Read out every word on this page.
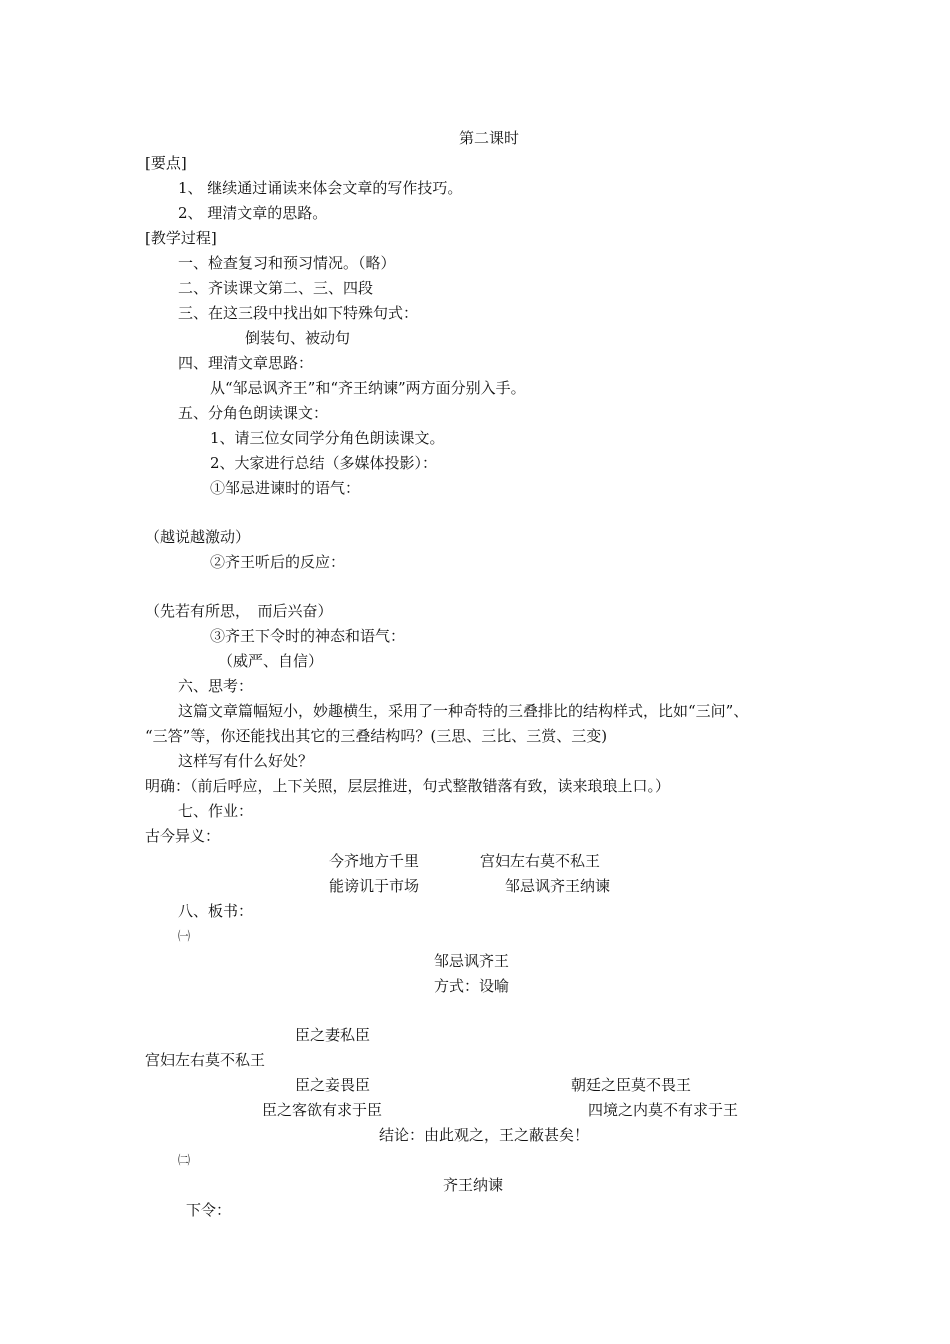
第二课时
[要点]
1、 继续通过诵读来体会文章的写作技巧。
2、 理清文章的思路。
[教学过程]
一、检查复习和预习情况。（略）
二、齐读课文第二、三、四段
三、在这三段中找出如下特殊句式：
倒装句、被动句
四、理清文章思路：
从“邹忌讽齐王”和“齐王纳谏”两方面分别入手。
五、分角色朗读课文：
1、请三位女同学分角色朗读课文。
2、大家进行总结（多媒体投影）：
①邹忌进谏时的语气：
（越说越激动）
②齐王听后的反应：
（先若有所思，　而后兴奋）
③齐王下令时的神态和语气：
（威严、自信）
六、思考：
这篇文章篇幅短小，妙趣横生，采用了一种奇特的三叠排比的结构样式，比如“三问”、
“三答”等，你还能找出其它的三叠结构吗？(三思、三比、三赏、三变)
这样写有什么好处？
明确：（前后呼应，上下关照，层层推进，句式整散错落有致，读来琅琅上口。）
七、作业：
古今异义：
今齐地方千里	宫妇左右莫不私王
能谤讥于市场	邹忌讽齐王纳谏
八、板书：
㈠
邹忌讽齐王
方式：设喻
臣之妻私臣
宫妇左右莫不私王
臣之妾畏臣	朝廷之臣莫不畏王
臣之客欲有求于臣	四境之内莫不有求于王
结论：由此观之，王之蔽甚矣！
㈡
齐王纳谏
下令：
